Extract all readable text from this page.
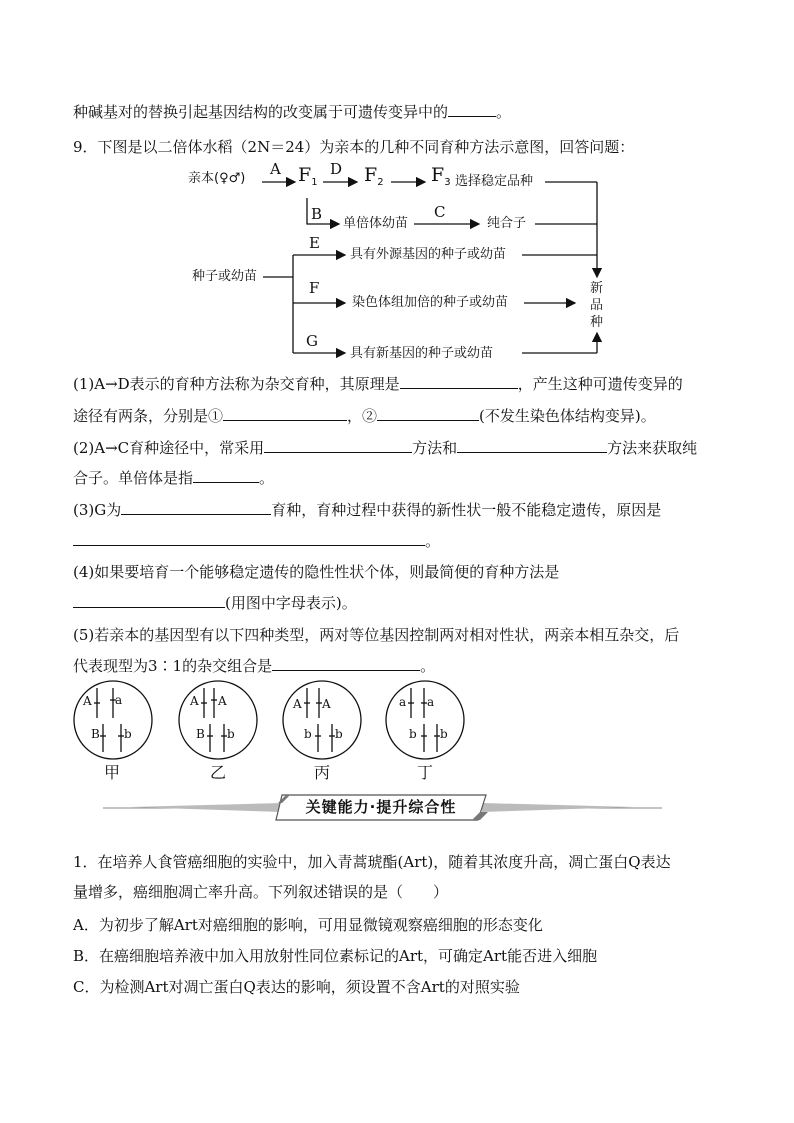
种碱基对的替换引起基因结构的改变属于可遗传变异中的	。
9．下图是以二倍体水稻（2N＝24）为亲本的几种不同育种方法示意图，回答问题：
亲本(♀♂)
A $F_1$
D $F_2$ $F_3$ 选择稳定品种
B
单倍体幼苗
C
纯合子
种子或幼苗
E
具有外源基因的种子或幼苗
F
染色体组加倍的种子或幼苗
G
具有新基因的种子或幼苗
新
品
种
(1)A→D表示的育种方法称为杂交育种，其原理是	，产生这种可遗传变异的
途径有两条，分别是①	，②	(不发生染色体结构变异)。
(2)A→C育种途径中，常采用	方法和	方法来获取纯
合子。单倍体是指	。
(3)G为	育种，育种过程中获得的新性状一般不能稳定遗传，原因是
。
(4)如果要培育一个能够稳定遗传的隐性性状个体，则最简便的育种方法是
(用图中字母表示)。
(5)若亲本的基因型有以下四种类型，两对等位基因控制两对相对性状，两亲本相互杂交，后
代表现型为3∶1的杂交组合是	。
A a
B b
A A
B b
A A
b b
a a
b b
甲	乙	丙	丁
关键能力·提升综合性
1．在培养人食管癌细胞的实验中，加入青蒿琥酯(Art)，随着其浓度升高，凋亡蛋白Q表达
量增多，癌细胞凋亡率升高。下列叙述错误的是（　　）
A．为初步了解Art对癌细胞的影响，可用显微镜观察癌细胞的形态变化
B．在癌细胞培养液中加入用放射性同位素标记的Art，可确定Art能否进入细胞
C．为检测Art对凋亡蛋白Q表达的影响，须设置不含Art的对照实验
